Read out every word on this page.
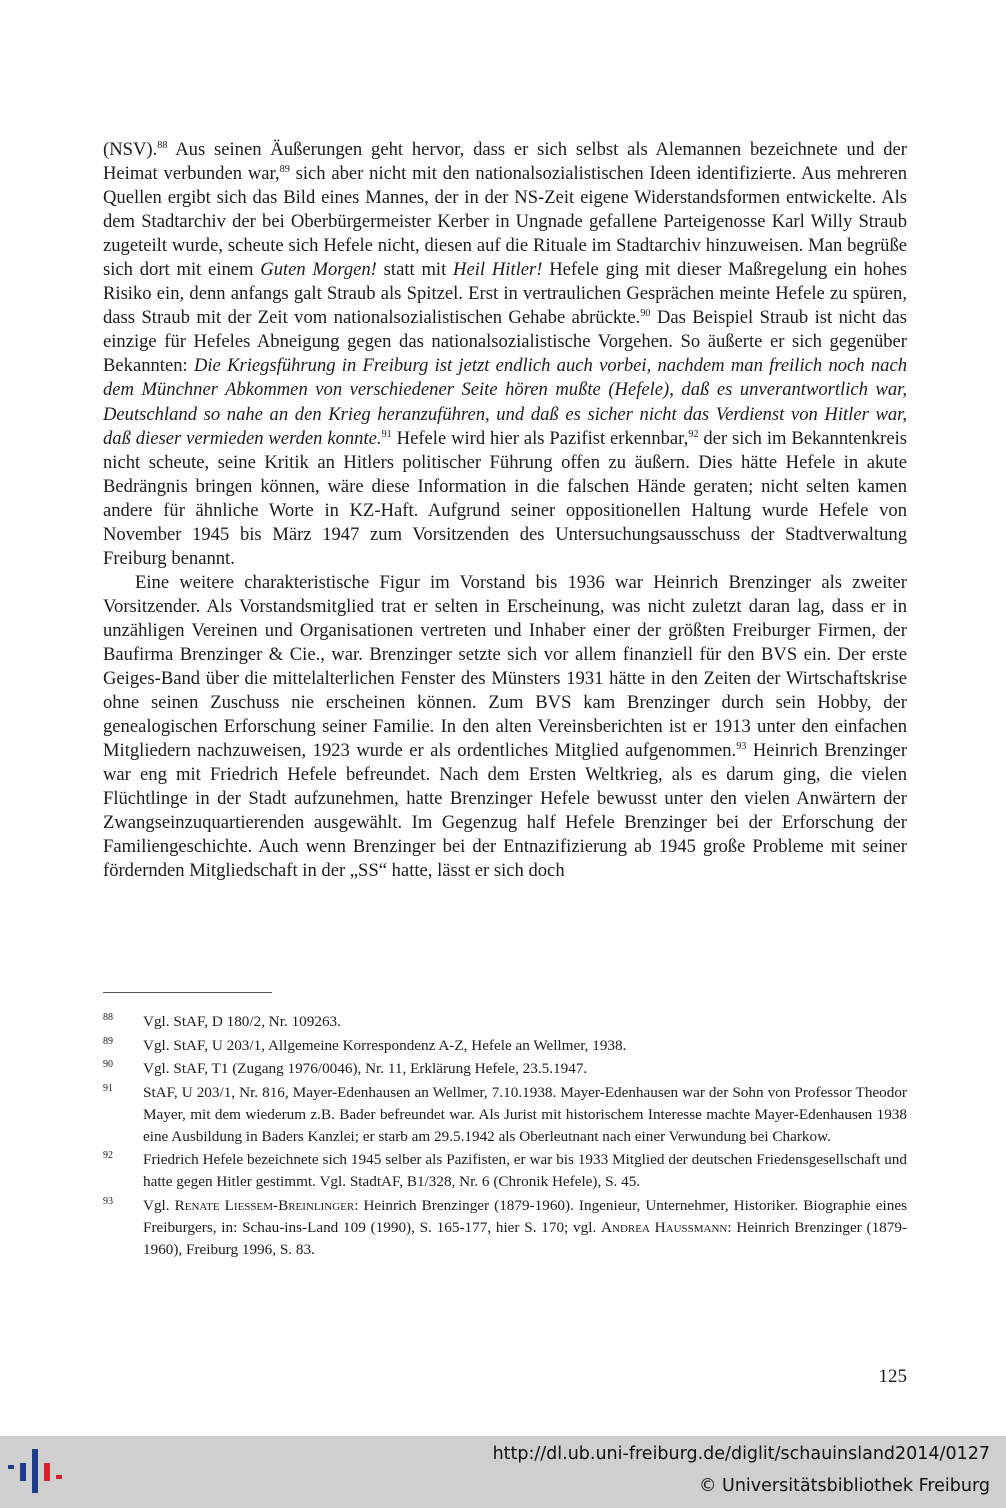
(NSV).$^{88}$ Aus seinen Äußerungen geht hervor, dass er sich selbst als Alemannen bezeichnete und der Heimat verbunden war,$^{89}$ sich aber nicht mit den nationalsozialistischen Ideen identifizierte. Aus mehreren Quellen ergibt sich das Bild eines Mannes, der in der NS-Zeit eigene Widerstandsformen entwickelte. Als dem Stadtarchiv der bei Oberbürgermeister Kerber in Ungnade gefallene Parteigenosse Karl Willy Straub zugeteilt wurde, scheute sich Hefele nicht, diesen auf die Rituale im Stadtarchiv hinzuweisen. Man begrüße sich dort mit einem Guten Morgen! statt mit Heil Hitler! Hefele ging mit dieser Maßregelung ein hohes Risiko ein, denn anfangs galt Straub als Spitzel. Erst in vertraulichen Gesprächen meinte Hefele zu spüren, dass Straub mit der Zeit vom nationalsozialistischen Gehabe abrückte.$^{90}$ Das Beispiel Straub ist nicht das einzige für Hefeles Abneigung gegen das nationalsozialistische Vorgehen. So äußerte er sich gegenüber Bekannten: Die Kriegsführung in Freiburg ist jetzt endlich auch vorbei, nachdem man freilich noch nach dem Münchner Abkommen von verschiedener Seite hören mußte (Hefele), daß es unverantwortlich war, Deutschland so nahe an den Krieg heranzuführen, und daß es sicher nicht das Verdienst von Hitler war, daß dieser vermieden werden konnte.$^{91}$ Hefele wird hier als Pazifist erkennbar,$^{92}$ der sich im Bekanntenkreis nicht scheute, seine Kritik an Hitlers politischer Führung offen zu äußern. Dies hätte Hefele in akute Bedrängnis bringen können, wäre diese Information in die falschen Hände geraten; nicht selten kamen andere für ähnliche Worte in KZ-Haft. Aufgrund seiner oppositionellen Haltung wurde Hefele von November 1945 bis März 1947 zum Vorsitzenden des Untersuchungsausschuss der Stadtverwaltung Freiburg benannt.

Eine weitere charakteristische Figur im Vorstand bis 1936 war Heinrich Brenzinger als zweiter Vorsitzender. Als Vorstandsmitglied trat er selten in Erscheinung, was nicht zuletzt daran lag, dass er in unzähligen Vereinen und Organisationen vertreten und Inhaber einer der größten Freiburger Firmen, der Baufirma Brenzinger & Cie., war. Brenzinger setzte sich vor allem finanziell für den BVS ein. Der erste Geiges-Band über die mittelalterlichen Fenster des Münsters 1931 hätte in den Zeiten der Wirtschaftskrise ohne seinen Zuschuss nie erscheinen können. Zum BVS kam Brenzinger durch sein Hobby, der genealogischen Erforschung seiner Familie. In den alten Vereinsberichten ist er 1913 unter den einfachen Mitgliedern nachzuweisen, 1923 wurde er als ordentliches Mitglied aufgenommen.$^{93}$ Heinrich Brenzinger war eng mit Friedrich Hefele befreundet. Nach dem Ersten Weltkrieg, als es darum ging, die vielen Flüchtlinge in der Stadt aufzunehmen, hatte Brenzinger Hefele bewusst unter den vielen Anwärtern der Zwangseinzuquartierenden ausgewählt. Im Gegenzug half Hefele Brenzinger bei der Erforschung der Familiengeschichte. Auch wenn Brenzinger bei der Entnazifizierung ab 1945 große Probleme mit seiner fördernden Mitgliedschaft in der „SS“ hatte, lässt er sich doch

88	Vgl. StAF, D 180/2, Nr. 109263.
89	Vgl. StAF, U 203/1, Allgemeine Korrespondenz A-Z, Hefele an Wellmer, 1938.
90	Vgl. StAF, T1 (Zugang 1976/0046), Nr. 11, Erklärung Hefele, 23.5.1947.
91	StAF, U 203/1, Nr. 816, Mayer-Edenhausen an Wellmer, 7.10.1938. Mayer-Edenhausen war der Sohn von Professor Theodor Mayer, mit dem wiederum z.B. Bader befreundet war. Als Jurist mit historischem Interesse machte Mayer-Edenhausen 1938 eine Ausbildung in Baders Kanzlei; er starb am 29.5.1942 als Oberleutnant nach einer Verwundung bei Charkow.
92	Friedrich Hefele bezeichnete sich 1945 selber als Pazifisten, er war bis 1933 Mitglied der deutschen Friedensgesellschaft und hatte gegen Hitler gestimmt. Vgl. StadtAF, B1/328, Nr. 6 (Chronik Hefele), S. 45.
93	Vgl. Renate Liessem-Breinlinger: Heinrich Brenzinger (1879-1960). Ingenieur, Unternehmer, Historiker. Biographie eines Freiburgers, in: Schau-ins-Land 109 (1990), S. 165-177, hier S. 170; vgl. Andrea Haussmann: Heinrich Brenzinger (1879-1960), Freiburg 1996, S. 83.
125
http://dl.ub.uni-freiburg.de/diglit/schauinsland2014/0127
© Universitätsbibliothek Freiburg
